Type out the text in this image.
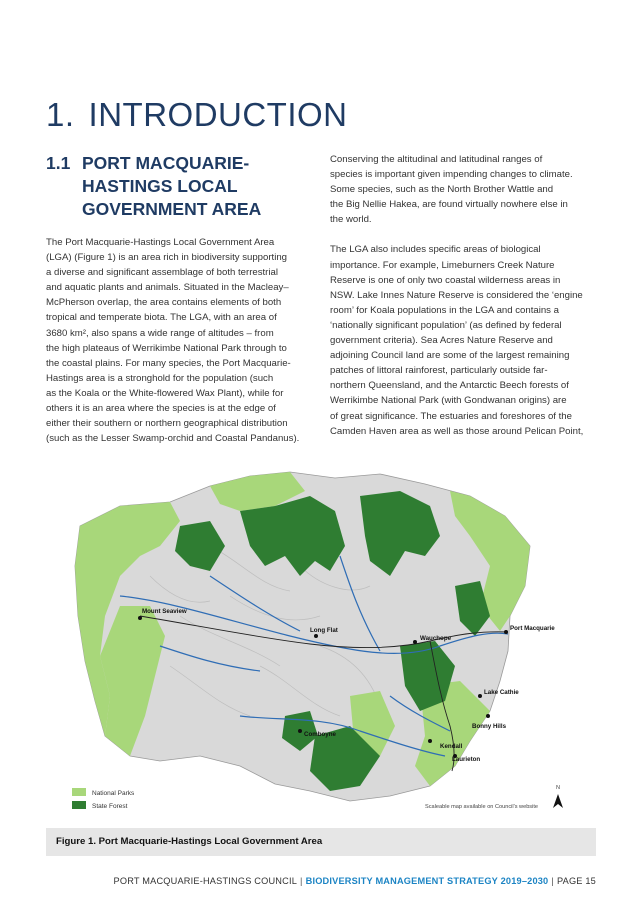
1. INTRODUCTION
1.1 PORT MACQUARIE-
HASTINGS LOCAL
GOVERNMENT AREA

The Port Macquarie-Hastings Local Government Area
(LGA) (Figure 1) is an area rich in biodiversity supporting
a diverse and significant assemblage of both terrestrial
and aquatic plants and animals. Situated in the Macleay–
McPherson overlap, the area contains elements of both
tropical and temperate biota. The LGA, with an area of
3680 km², also spans a wide range of altitudes – from
the high plateaus of Werrikimbe National Park through to
the coastal plains. For many species, the Port Macquarie-
Hastings area is a stronghold for the population (such
as the Koala or the White-flowered Wax Plant), while for
others it is an area where the species is at the edge of
either their southern or northern geographical distribution
(such as the Lesser Swamp-orchid and Coastal Pandanus).

Conserving the altitudinal and latitudinal ranges of
species is important given impending changes to climate.
Some species, such as the North Brother Wattle and
the Big Nellie Hakea, are found virtually nowhere else in
the world.

The LGA also includes specific areas of biological
importance. For example, Limeburners Creek Nature
Reserve is one of only two coastal wilderness areas in
NSW. Lake Innes Nature Reserve is considered the ‘engine
room’ for Koala populations in the LGA and contains a
‘nationally significant population’ (as defined by federal
government criteria). Sea Acres Nature Reserve and
adjoining Council land are some of the largest remaining
patches of littoral rainforest, particularly outside far-
northern Queensland, and the Antarctic Beech forests of
Werrikimbe National Park (with Gondwanan origins) are
of great significance. The estuaries and foreshores of the
Camden Haven area as well as those around Pelican Point,

Mount Seaview
Long Flat
Wauchope
Port Macquarie
Lake Cathie
Bonny Hills
Comboyne
Kendall
Laurieton
National Parks
State Forest	Scaleable map available on Council's website
N
Figure 1. Port Macquarie-Hastings Local Government Area
PORT MACQUARIE-HASTINGS COUNCIL | BIODIVERSITY MANAGEMENT STRATEGY 2019–2030 | PAGE 15
